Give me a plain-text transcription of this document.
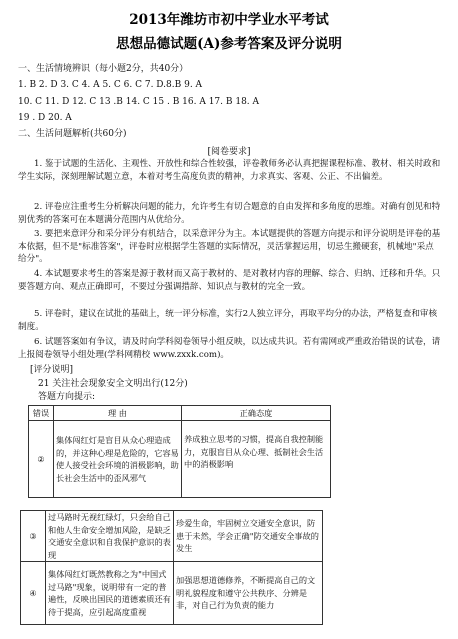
2013年潍坊市初中学业水平考试
思想品德试题(A)参考答案及评分说明
一、生活情境辨识（每小题2分，共40分）
1. B 2. D 3. C 4. A 5. C 6. C 7. D.8.B 9. A
10. C 11. D 12. C 13 .B 14. C 15 . B 16. A 17. B 18. A
19 . D 20. A
二、生活问题解析(共60分)
[阅卷要求]
1. 鉴于试题的生活化、主观性、开放性和综合性较强，评卷教师务必认真把握课程标准、教材、相关时政和学生实际，深刻理解试题立意，本着对考生高度负责的精神，力求真实、客观、公正、不出偏差。
2. 评卷应注重考生分析解决问题的能力，允许考生有切合题意的自由发挥和多角度的思维。对确有创见和特别优秀的答案可在本题满分范围内从优给分。
3. 要把来意评分和采分评分有机结合，以采意评分为主。本试题提供的答题方向提示和评分说明是评卷的基本依据，但不是"标准答案"，评卷时应根据学生答题的实际情况，灵活掌握运用，切忌生搬硬套，机械地"采点给分"。
4. 本试题要求考生的答案是源于教材而又高于教材的、是对教材内容的理解、综合、归纳、迁移和升华。只要答题方向、观点正确即可，不要过分强调措辞、知识点与教材的完全一致。
5. 评卷时，建议在试批的基础上，统一评分标准，实行2人独立评分，再取平均分的办法，严格复查和审核制度。
6. 试题答案如有争议，请及时向学科阅卷领导小组反映，以达成共识。若有需网或严重政治错误的试卷，请上报阅卷领导小组处理(学科网精校 www.zxxk.com)。
[评分说明]
21 关注社会现象安全文明出行(12分)
答题方向提示:
错误	理 由	正确态度
②	集体闯红灯是盲目从众心理造成的，并这种心理是危险的，它容易使人接受社会环境的消极影响，助长社会生活中的歪风邪气	养成独立思考的习惯，提高自我控制能力，克服盲目从众心理、抵制社会生活中的消极影响
③	过马路时无视红绿灯，只会给自己和他人生命安全增加风险，是缺乏交通安全意识和自我保护意识的表现	珍爱生命，牢固树立交通安全意识，防患于未然，学会正确"防交通安全事故的发生
④	集体闯红灯既然教称之为"中国式过马路"现象，说明带有一定的普遍性，反映出国民的道德素质还有待于提高，应引起高度重视	加强思想道德修养，不断提高自己的文明礼貌程度和遵守公共秩序、分辨是非，对自己行为负责的能力
